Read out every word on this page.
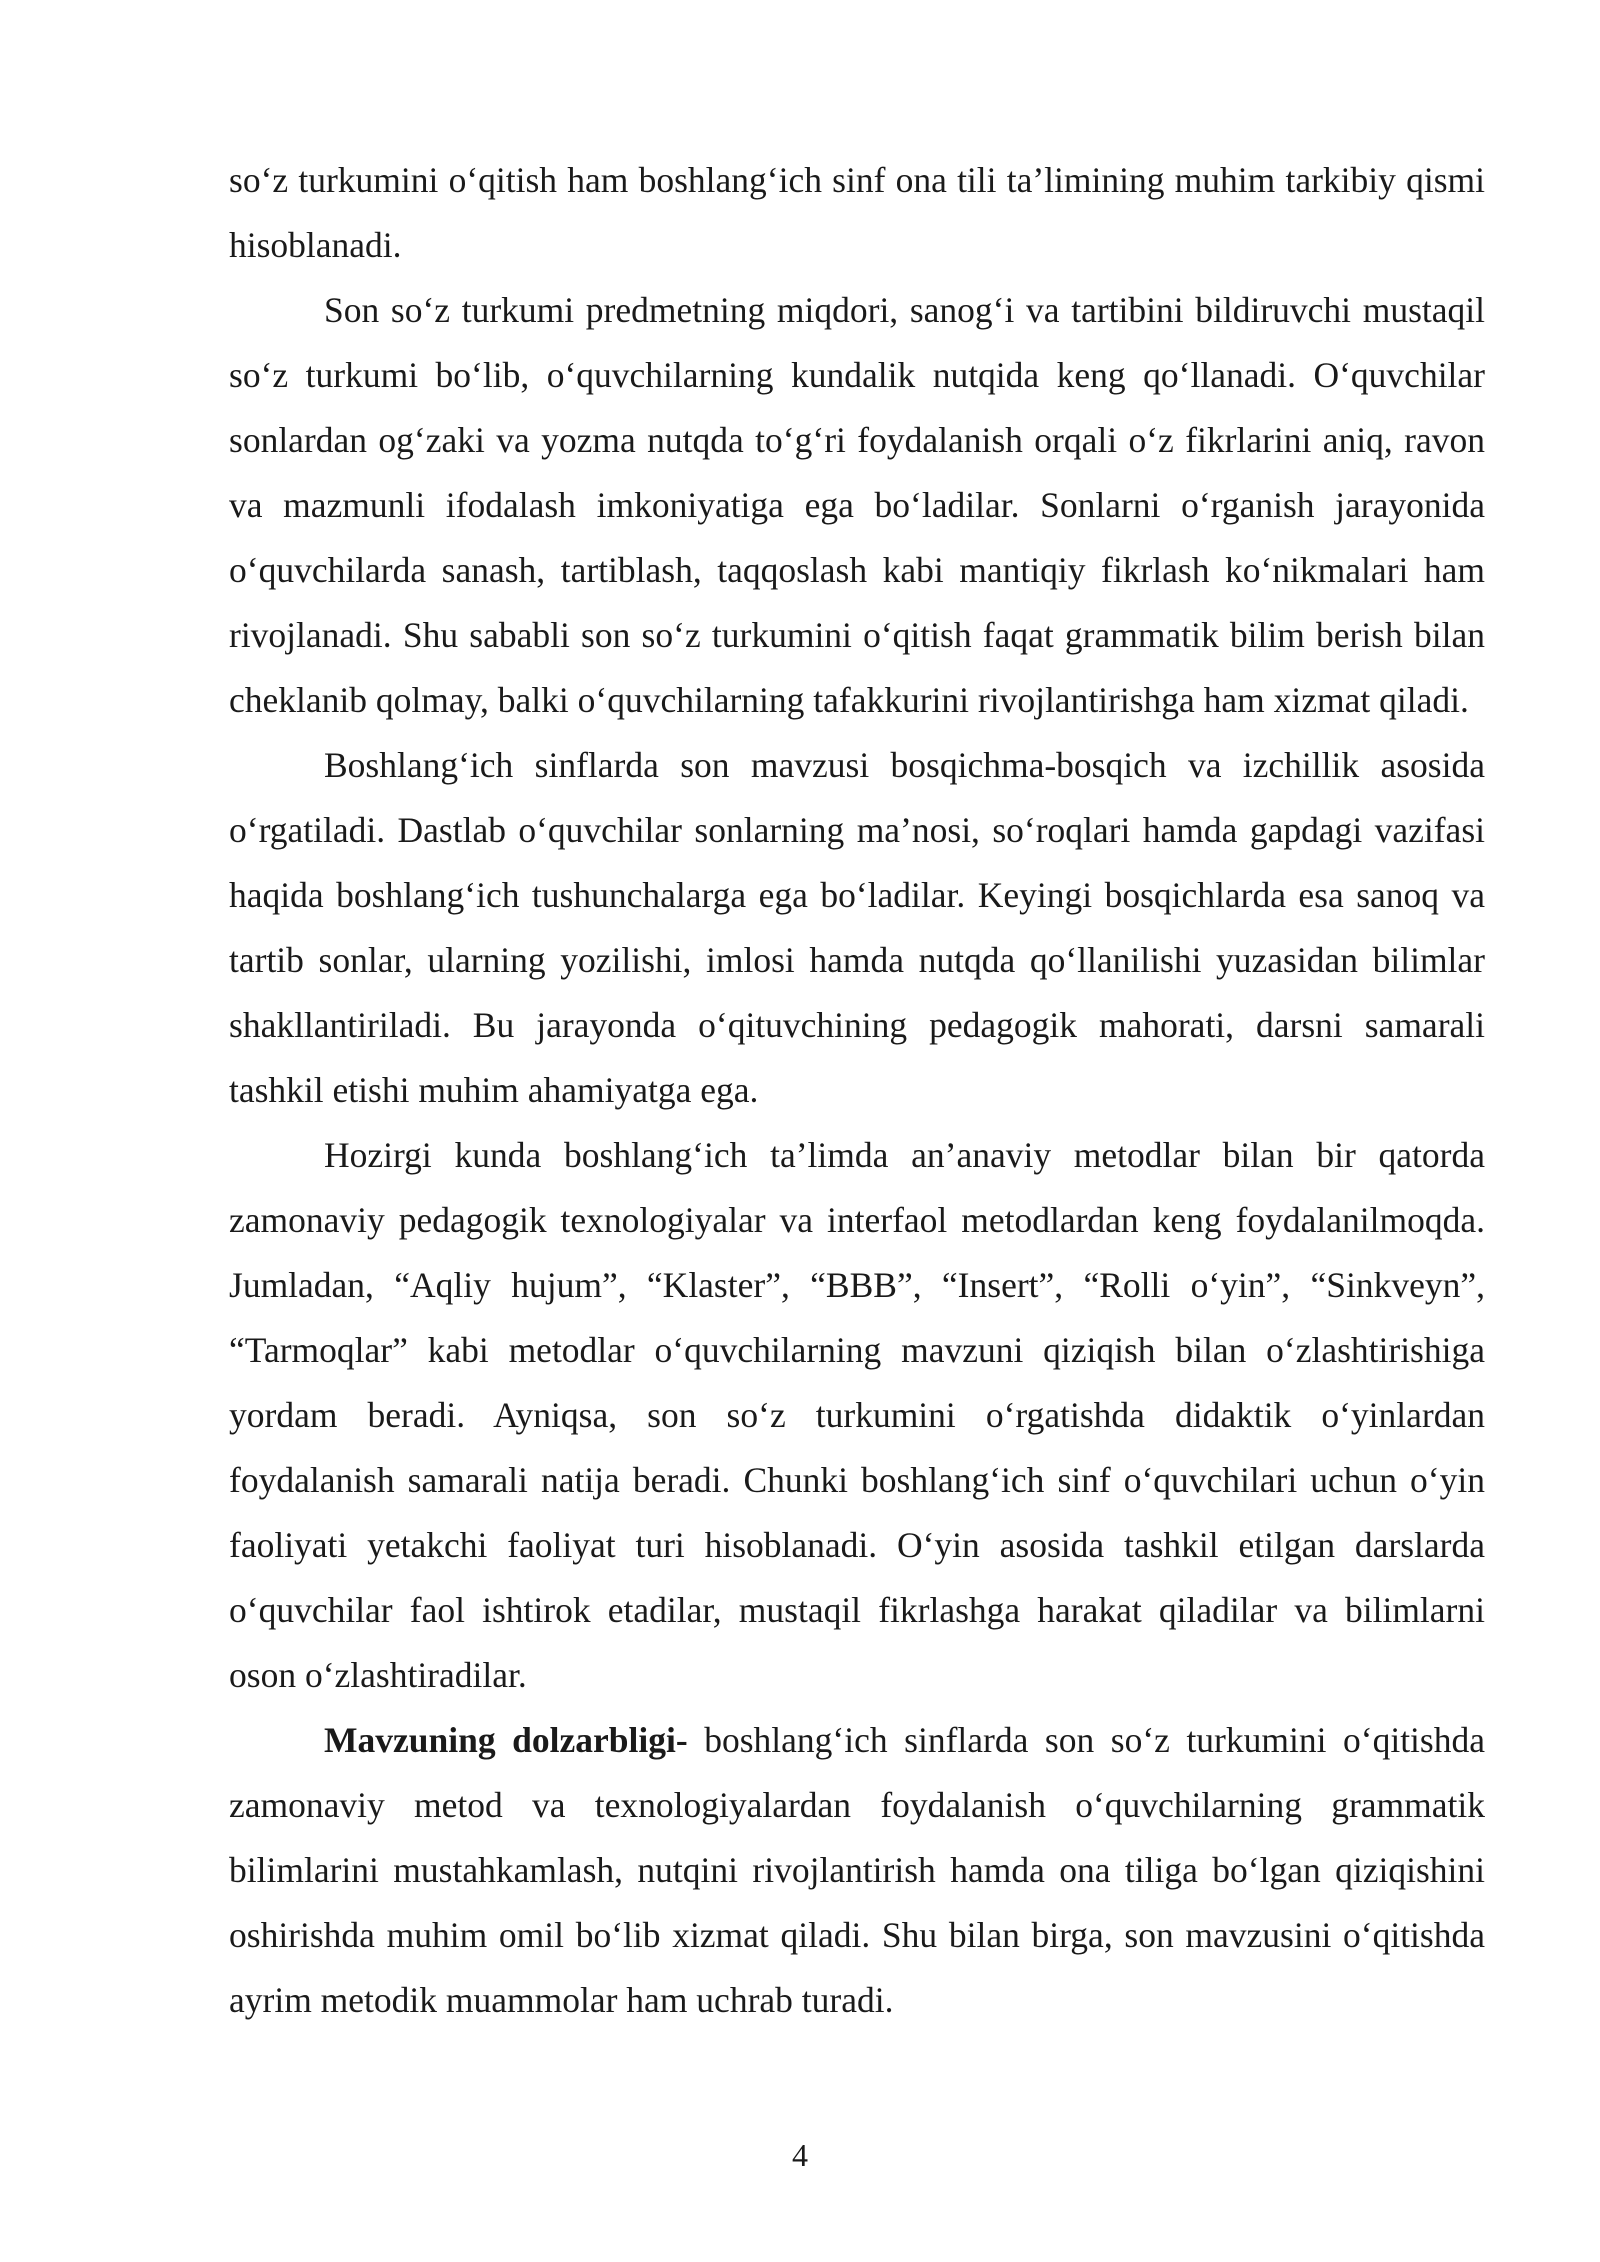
so‘z turkumini o‘qitish ham boshlang‘ich sinf ona tili ta’limining muhim tarkibiy qismi hisoblanadi.

Son so‘z turkumi predmetning miqdori, sanog‘i va tartibini bildiruvchi mustaqil so‘z turkumi bo‘lib, o‘quvchilarning kundalik nutqida keng qo‘llanadi. O‘quvchilar sonlardan og‘zaki va yozma nutqda to‘g‘ri foydalanish orqali o‘z fikrlarini aniq, ravon va mazmunli ifodalash imkoniyatiga ega bo‘ladilar. Sonlarni o‘rganish jarayonida o‘quvchilarda sanash, tartiblash, taqqoslash kabi mantiqiy fikrlash ko‘nikmalari ham rivojlanadi. Shu sababli son so‘z turkumini o‘qitish faqat grammatik bilim berish bilan cheklanib qolmay, balki o‘quvchilarning tafakkurini rivojlantirishga ham xizmat qiladi.

Boshlang‘ich sinflarda son mavzusi bosqichma-bosqich va izchillik asosida o‘rgatiladi. Dastlab o‘quvchilar sonlarning ma’nosi, so‘roqlari hamda gapdagi vazifasi haqida boshlang‘ich tushunchalarga ega bo‘ladilar. Keyingi bosqichlarda esa sanoq va tartib sonlar, ularning yozilishi, imlosi hamda nutqda qo‘llanilishi yuzasidan bilimlar shakllantiriladi. Bu jarayonda o‘qituvchining pedagogik mahorati, darsni samarali tashkil etishi muhim ahamiyatga ega.

Hozirgi kunda boshlang‘ich ta’limda an’anaviy metodlar bilan bir qatorda zamonaviy pedagogik texnologiyalar va interfaol metodlardan keng foydalanilmoqda. Jumladan, “Aqliy hujum”, “Klaster”, “BBB”, “Insert”, “Rolli o‘yin”, “Sinkveyn”, “Tarmoqlar” kabi metodlar o‘quvchilarning mavzuni qiziqish bilan o‘zlashtirishiga yordam beradi. Ayniqsa, son so‘z turkumini o‘rgatishda didaktik o‘yinlardan foydalanish samarali natija beradi. Chunki boshlang‘ich sinf o‘quvchilari uchun o‘yin faoliyati yetakchi faoliyat turi hisoblanadi. O‘yin asosida tashkil etilgan darslarda o‘quvchilar faol ishtirok etadilar, mustaqil fikrlashga harakat qiladilar va bilimlarni oson o‘zlashtiradilar.

Mavzuning dolzarbligi- boshlang‘ich sinflarda son so‘z turkumini o‘qitishda zamonaviy metod va texnologiyalardan foydalanish o‘quvchilarning grammatik bilimlarini mustahkamlash, nutqini rivojlantirish hamda ona tiliga bo‘lgan qiziqishini oshirishda muhim omil bo‘lib xizmat qiladi. Shu bilan birga, son mavzusini o‘qitishda ayrim metodik muammolar ham uchrab turadi.

4
